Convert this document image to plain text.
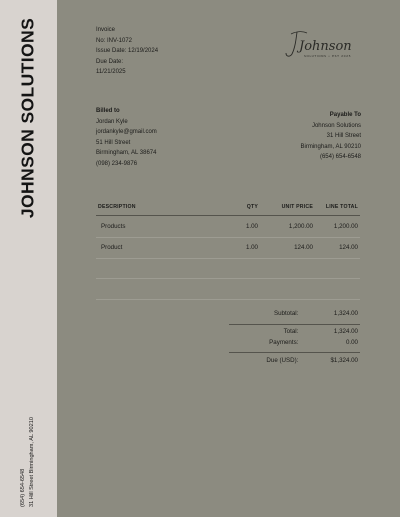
JOHNSON SOLUTIONS
(654) 654-6548 31 Hill Street Birmingham, AL 90210
Invoice
No: INV-1072
Issue Date: 12/19/2024
Due Date:
11/21/2025
Johnson
SOLUTIONS • EST 2025
Billed to
Jordan Kyle
jordankyle@gmail.com
51 Hill Street
Birmingham, AL 38674
(098) 234-9876
Payable To
Johnson Solutions
31 Hill Street
Birmingham, AL 90210
(654) 654-6548
DESCRIPTION	QTY	UNIT PRICE	LINE TOTAL
Products	1.00	1,200.00	1,200.00
Product	1.00	124.00	124.00
Subtotal:	1,324.00
Total:	1,324.00
Payments:	0.00
Due (USD):	$1,324.00
